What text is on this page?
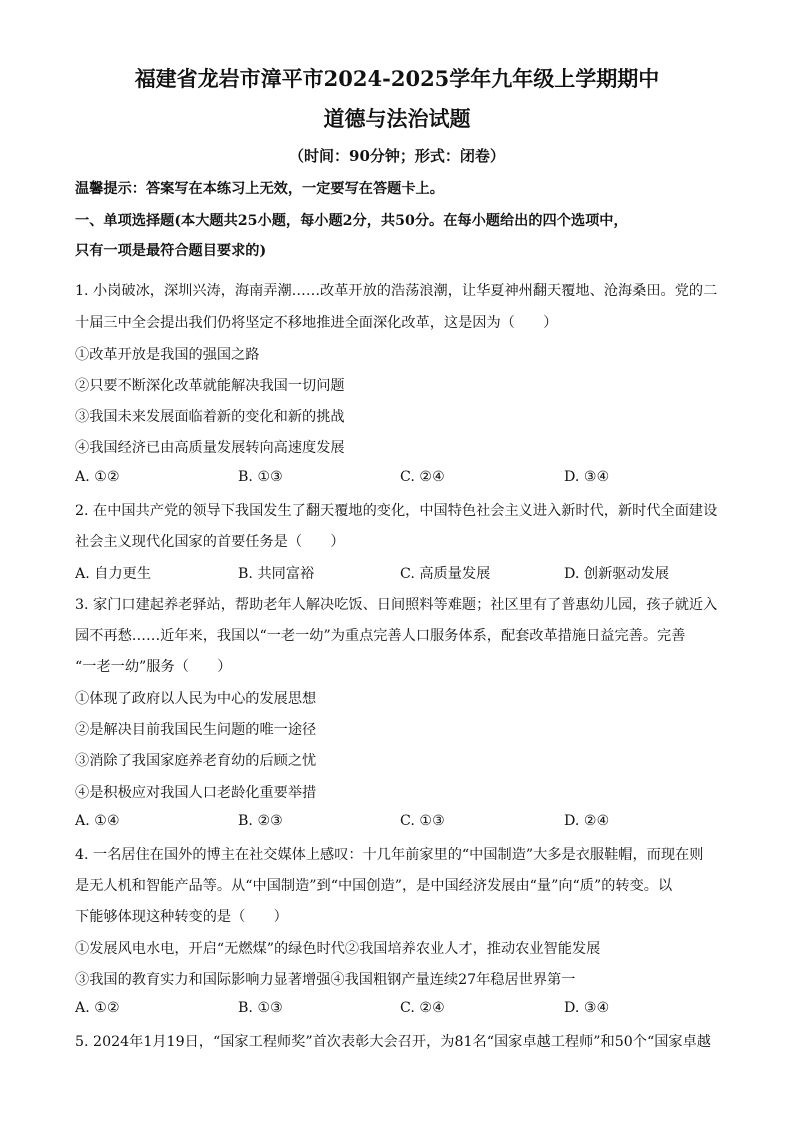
福建省龙岩市漳平市2024-2025学年九年级上学期期中
道德与法治试题
（时间：90分钟；形式：闭卷）
温馨提示：答案写在本练习上无效，一定要写在答题卡上。
一、单项选择题(本大题共25小题，每小题2分，共50分。在每小题给出的四个选项中，
只有一项是最符合题目要求的)
1. 小岗破冰，深圳兴涛，海南弄潮……改革开放的浩荡浪潮，让华夏神州翻天覆地、沧海桑田。党的二
十届三中全会提出我们仍将坚定不移地推进全面深化改革，这是因为（　　）
①改革开放是我国的强国之路
②只要不断深化改革就能解决我国一切问题
③我国未来发展面临着新的变化和新的挑战
④我国经济已由高质量发展转向高速度发展
A. ①②	B. ①③	C. ②④	D. ③④
2. 在中国共产党的领导下我国发生了翻天覆地的变化，中国特色社会主义进入新时代，新时代全面建设
社会主义现代化国家的首要任务是（　　）
A. 自力更生	B. 共同富裕	C. 高质量发展	D. 创新驱动发展
3. 家门口建起养老驿站，帮助老年人解决吃饭、日间照料等难题；社区里有了普惠幼儿园，孩子就近入
园不再愁……近年来，我国以“一老一幼”为重点完善人口服务体系，配套改革措施日益完善。完善
“一老一幼”服务（　　）
①体现了政府以人民为中心的发展思想
②是解决目前我国民生问题的唯一途径
③消除了我国家庭养老育幼的后顾之忧
④是积极应对我国人口老龄化重要举措
A. ①④	B. ②③	C. ①③	D. ②④
4. 一名居住在国外的博主在社交媒体上感叹：十几年前家里的“中国制造”大多是衣服鞋帽，而现在则
是无人机和智能产品等。从“中国制造”到“中国创造”，是中国经济发展由“量”向“质”的转变。以
下能够体现这种转变的是（　　）
①发展风电水电，开启“无燃煤”的绿色时代②我国培养农业人才，推动农业智能发展
③我国的教育实力和国际影响力显著增强④我国粗钢产量连续27年稳居世界第一
A. ①②	B. ①③	C. ②④	D. ③④
5. 2024年1月19日，“国家工程师奖”首次表彰大会召开，为81名“国家卓越工程师”和50个“国家卓越
